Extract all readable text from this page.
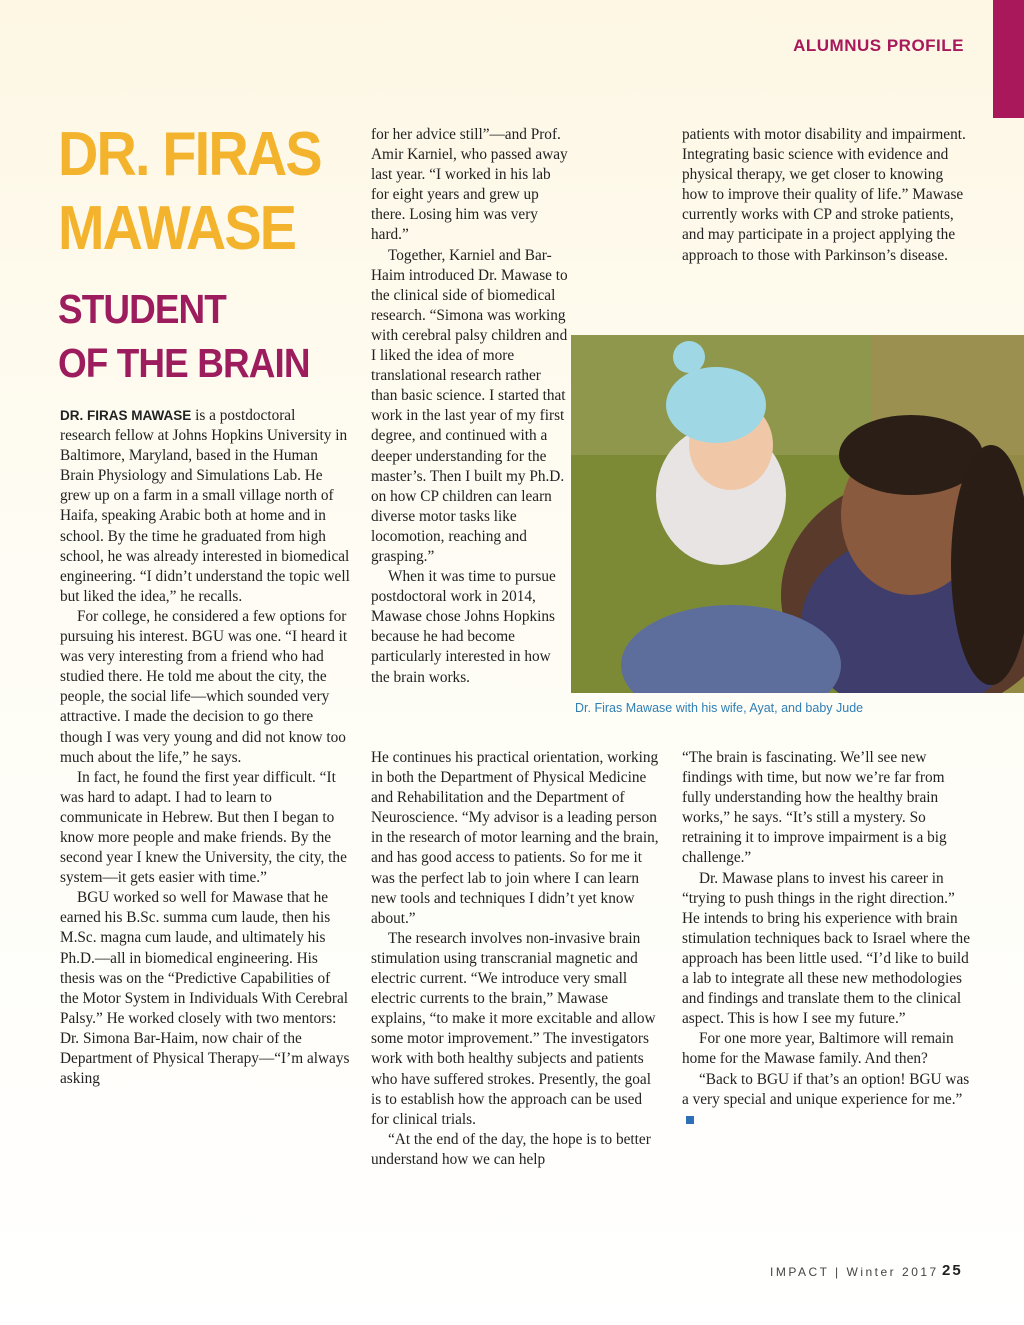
ALUMNUS PROFILE
DR. FIRAS
MAWASE
STUDENT
OF THE BRAIN

DR. FIRAS MAWASE is a postdoctoral research fellow at Johns Hopkins University in Baltimore, Maryland, based in the Human Brain Physiology and Simulations Lab. He grew up on a farm in a small village north of Haifa, speaking Arabic both at home and in school. By the time he graduated from high school, he was already interested in biomedical engineering. “I didn’t understand the topic well but liked the idea,” he recalls.

For college, he considered a few options for pursuing his interest. BGU was one. “I heard it was very interesting from a friend who had studied there. He told me about the city, the people, the social life—which sounded very attractive. I made the decision to go there though I was very young and did not know too much about the life,” he says.

In fact, he found the first year difficult. “It was hard to adapt. I had to learn to communicate in Hebrew. But then I began to know more people and make friends. By the second year I knew the University, the city, the system—it gets easier with time.”

BGU worked so well for Mawase that he earned his B.Sc. summa cum laude, then his M.Sc. magna cum laude, and ultimately his Ph.D.—all in biomedical engineering. His thesis was on the “Predictive Capabilities of the Motor System in Individuals With Cerebral Palsy.” He worked closely with two mentors: Dr. Simona Bar-Haim, now chair of the Department of Physical Therapy—“I’m always asking

for her advice still”—and Prof. Amir Karniel, who passed away last year. “I worked in his lab for eight years and grew up there. Losing him was very hard.”

Together, Karniel and Bar-Haim introduced Dr. Mawase to the clinical side of biomedical research. “Simona was working with cerebral palsy children and I liked the idea of more translational research rather than basic science. I started that work in the last year of my first degree, and continued with a deeper understanding for the master’s. Then I built my Ph.D. on how CP children can learn diverse motor tasks like locomotion, reaching and grasping.”

When it was time to pursue postdoctoral work in 2014, Mawase chose Johns Hopkins because he had become particularly interested in how the brain works.

He continues his practical orientation, working in both the Department of Physical Medicine and Rehabilitation and the Department of Neuroscience. “My advisor is a leading person in the research of motor learning and the brain, and has good access to patients. So for me it was the perfect lab to join where I can learn new tools and techniques I didn’t yet know about.”

The research involves non-invasive brain stimulation using transcranial magnetic and electric current. “We introduce very small electric currents to the brain,” Mawase explains, “to make it more excitable and allow some motor improvement.” The investigators work with both healthy subjects and patients who have suffered strokes. Presently, the goal is to establish how the approach can be used for clinical trials.

“At the end of the day, the hope is to better understand how we can help

patients with motor disability and impairment. Integrating basic science with evidence and physical therapy, we get closer to knowing how to improve their quality of life.” Mawase currently works with CP and stroke patients, and may participate in a project applying the approach to those with Parkinson’s disease.

Dr. Firas Mawase with his wife, Ayat, and baby Jude

“The brain is fascinating. We’ll see new findings with time, but now we’re far from fully understanding how the healthy brain works,” he says. “It’s still a mystery. So retraining it to improve impairment is a big challenge.”

Dr. Mawase plans to invest his career in “trying to push things in the right direction.” He intends to bring his experience with brain stimulation techniques back to Israel where the approach has been little used. “I’d like to build a lab to integrate all these new methodologies and findings and translate them to the clinical aspect. This is how I see my future.”

For one more year, Baltimore will remain home for the Mawase family. And then?

“Back to BGU if that’s an option! BGU was a very special and unique experience for me.”

IMPACT | Winter 2017 25
